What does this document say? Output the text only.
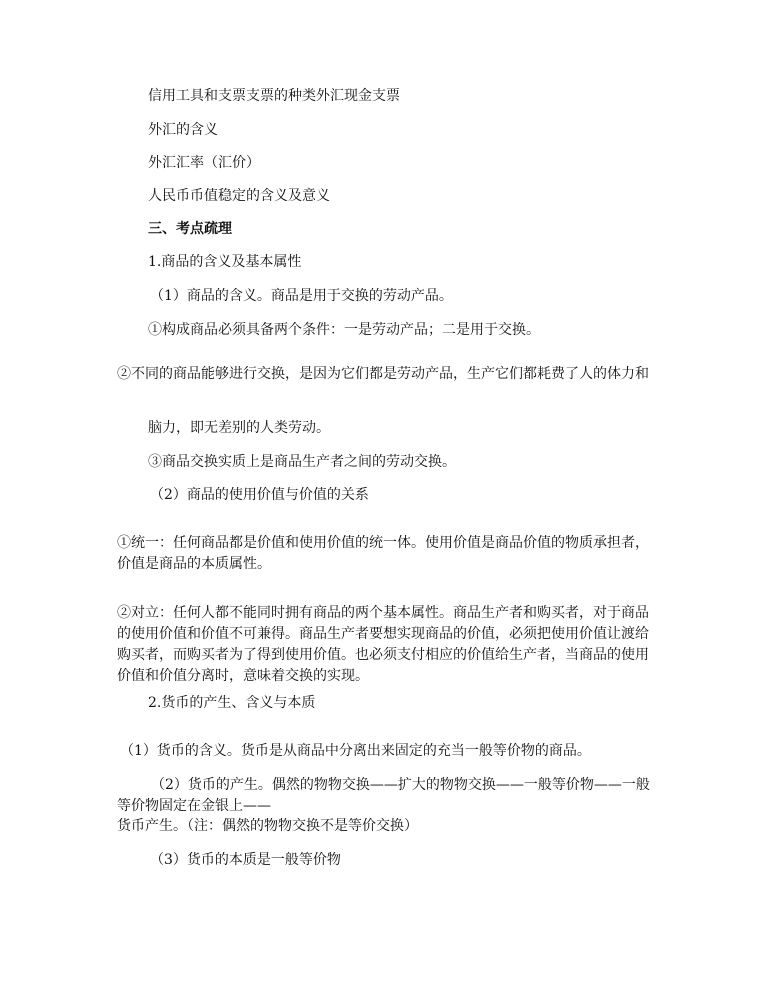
信用工具和支票支票的种类外汇现金支票
外汇的含义
外汇汇率（汇价）
人民币币值稳定的含义及意义
三、考点疏理
1.商品的含义及基本属性
（1）商品的含义。商品是用于交换的劳动产品。
①构成商品必须具备两个条件：一是劳动产品；二是用于交换。
②不同的商品能够进行交换，是因为它们都是劳动产品，生产它们都耗费了人的体力和
脑力，即无差别的人类劳动。
③商品交换实质上是商品生产者之间的劳动交换。
（2）商品的使用价值与价值的关系
①统一：任何商品都是价值和使用价值的统一体。使用价值是商品价值的物质承担者，价值是商品的本质属性。
②对立：任何人都不能同时拥有商品的两个基本属性。商品生产者和购买者，对于商品的使用价值和价值不可兼得。商品生产者要想实现商品的价值，必须把使用价值让渡给购买者，而购买者为了得到使用价值。也必须支付相应的价值给生产者，当商品的使用价值和价值分离时，意味着交换的实现。
2.货币的产生、含义与本质
（1）货币的含义。货币是从商品中分离出来固定的充当一般等价物的商品。
（2）货币的产生。偶然的物物交换——扩大的物物交换——一般等价物——一般等价物固定在金银上——
货币产生。（注：偶然的物物交换不是等价交换）
（3）货币的本质是一般等价物
